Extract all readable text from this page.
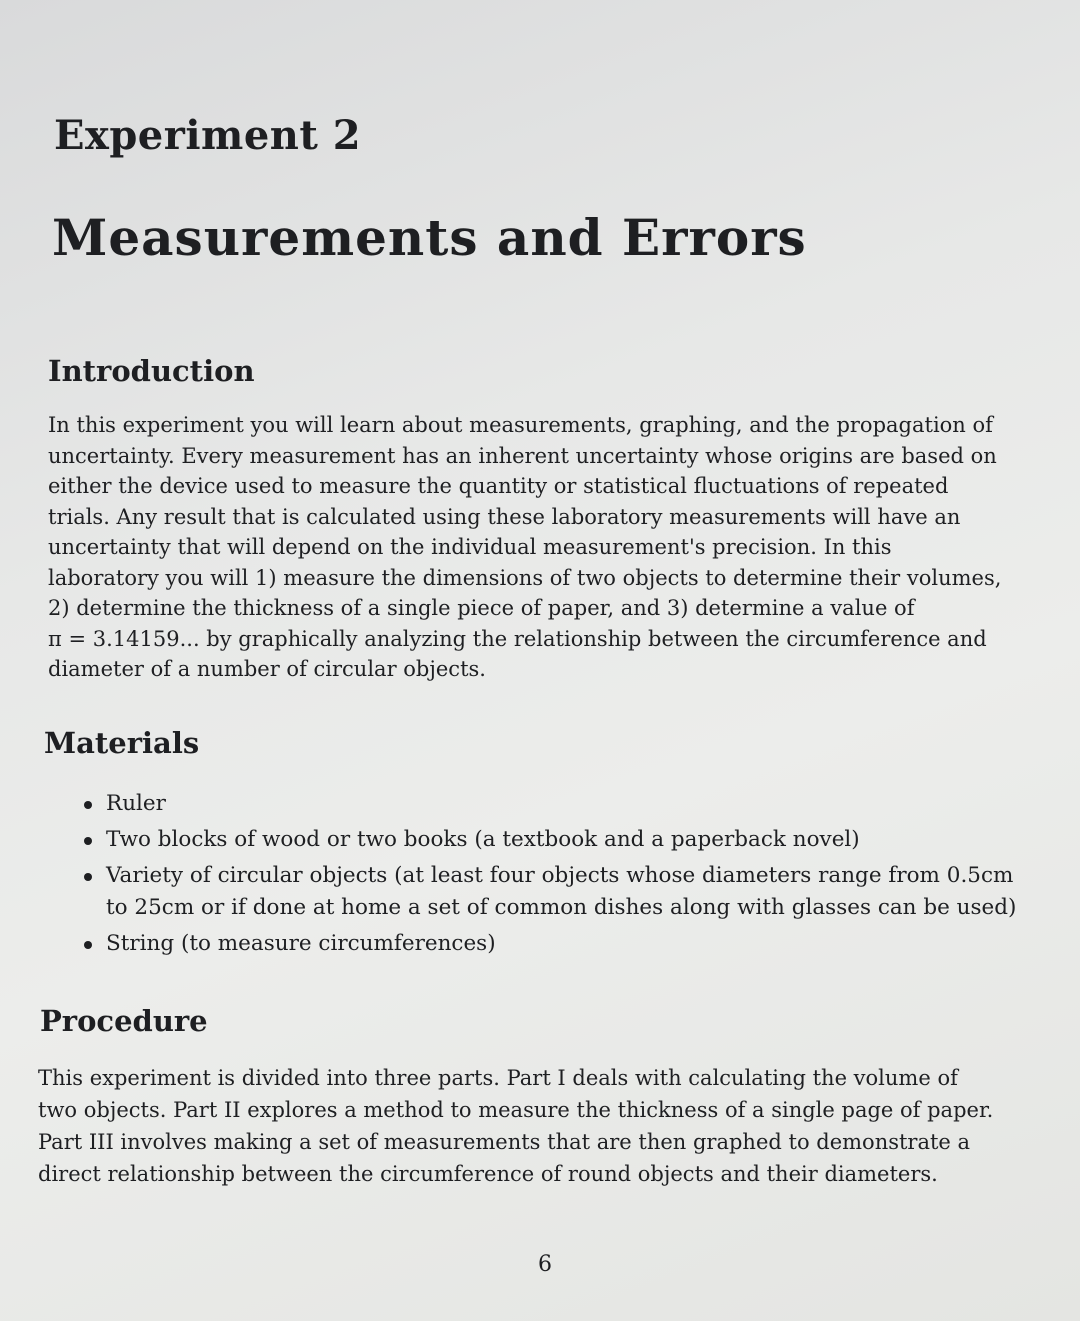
Experiment 2
Measurements and Errors
Introduction
In this experiment you will learn about measurements, graphing, and the propagation of
uncertainty. Every measurement has an inherent uncertainty whose origins are based on
either the device used to measure the quantity or statistical fluctuations of repeated
trials. Any result that is calculated using these laboratory measurements will have an
uncertainty that will depend on the individual measurement's precision. In this
laboratory you will 1) measure the dimensions of two objects to determine their volumes,
2) determine the thickness of a single piece of paper, and 3) determine a value of
π = 3.14159... by graphically analyzing the relationship between the circumference and
diameter of a number of circular objects.
Materials
Ruler
Two blocks of wood or two books (a textbook and a paperback novel)
Variety of circular objects (at least four objects whose diameters range from 0.5cm
to 25cm or if done at home a set of common dishes along with glasses can be used)
String (to measure circumferences)
Procedure
This experiment is divided into three parts. Part I deals with calculating the volume of
two objects. Part II explores a method to measure the thickness of a single page of paper.
Part III involves making a set of measurements that are then graphed to demonstrate a
direct relationship between the circumference of round objects and their diameters.
6
